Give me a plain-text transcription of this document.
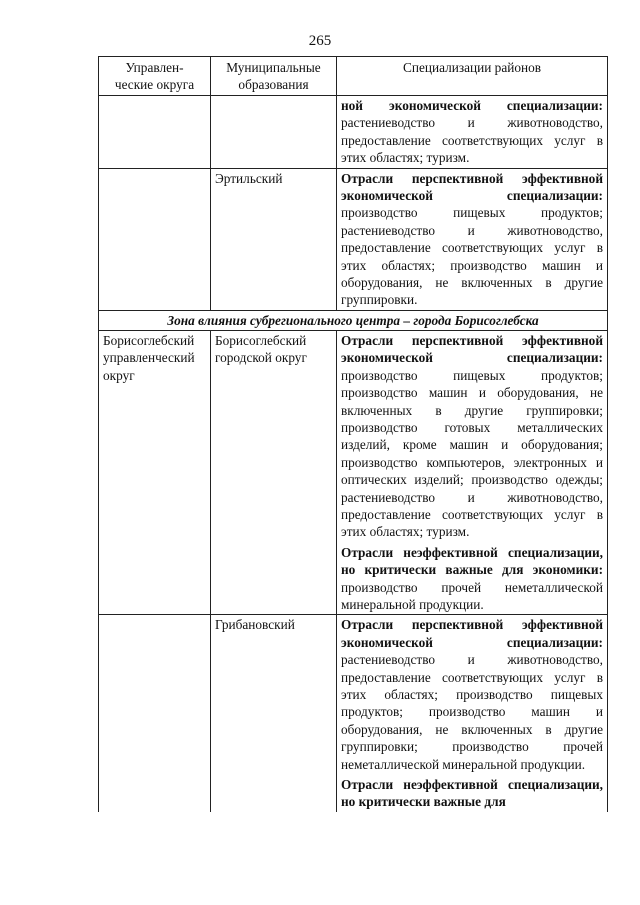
265
Управлен-
ческие округа	Муниципальные образования	Специализации районов

		ной экономической специализации: растениеводство и животноводство, предоставление соответствующих услуг в этих областях; туризм.

	Эртильский	Отрасли перспективной эффективной экономической специализации: производство пищевых продуктов; растениеводство и животноводство, предоставление соответствующих услуг в этих областях; производство машин и оборудования, не включенных в другие группировки.

Зона влияния субрегионального центра – города Борисоглебска		
Борисоглебский управленческий округ	Борисоглебский городской округ	Отрасли перспективной эффективной экономической специализации: производство пищевых продуктов; производство машин и оборудования, не включенных в другие группировки; производство готовых металлических изделий, кроме машин и оборудования; производство компьютеров, электронных и оптических изделий; производство одежды; растениеводство и животноводство, предоставление соответствующих услуг в этих областях; туризм.

Отрасли неэффективной специализации, но критически важные для экономики: производство прочей неметаллической минеральной продукции.

	Грибановский	Отрасли перспективной эффективной экономической специализации: растениеводство и животноводство, предоставление соответствующих услуг в этих областях; производство пищевых продуктов; производство машин и оборудования, не включенных в другие группировки; производство прочей неметаллической минеральной продукции.

Отрасли неэффективной специализации, но критически важные для
